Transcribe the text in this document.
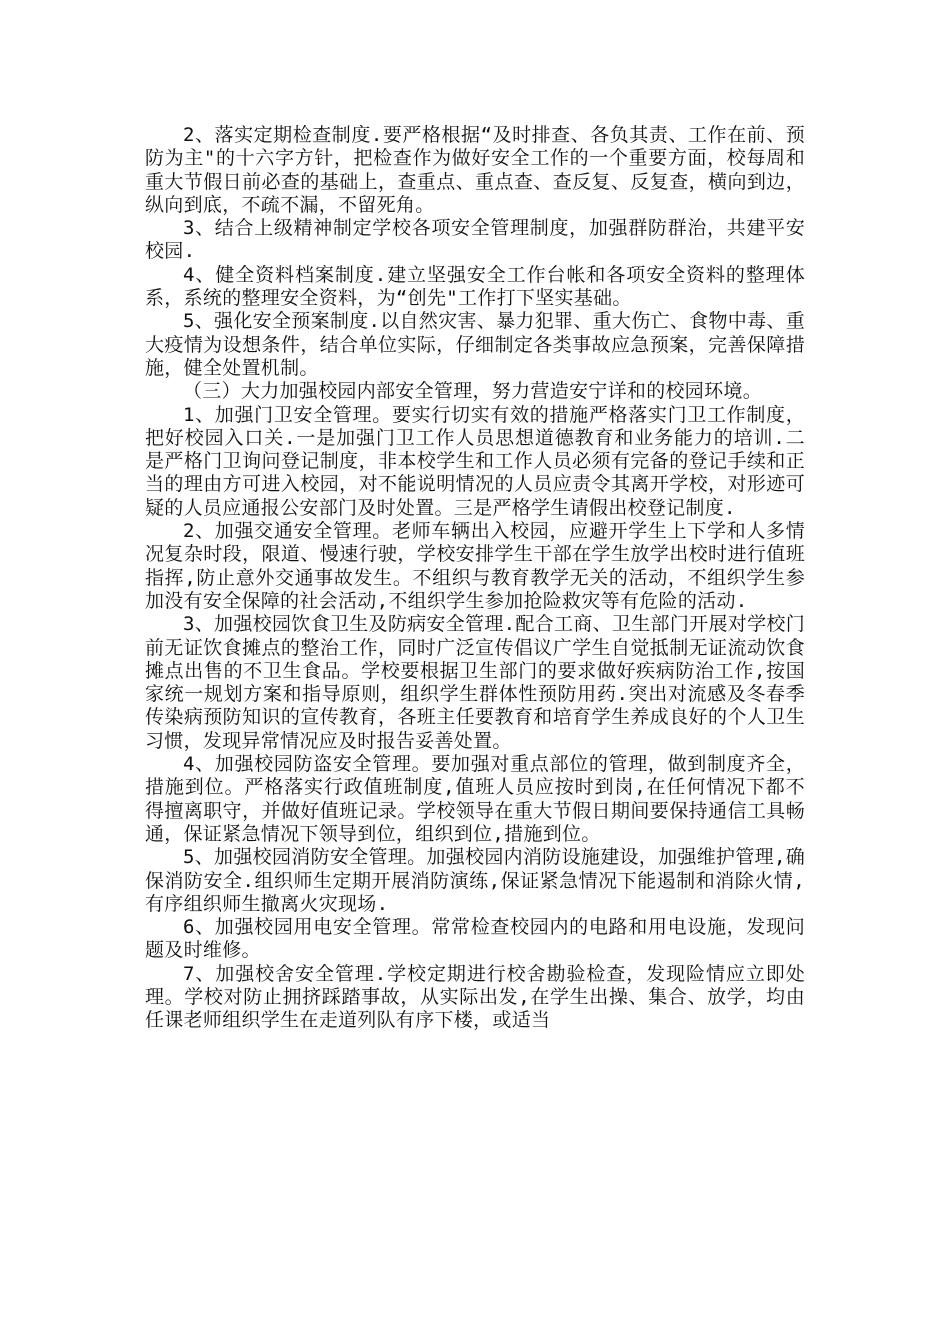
2、落实定期检查制度.要严格根据“及时排查、各负其责、工作在前、预防为主"的十六字方针，把检查作为做好安全工作的一个重要方面，校每周和重大节假日前必查的基础上，查重点、重点查、查反复、反复查，横向到边，纵向到底，不疏不漏，不留死角。

3、结合上级精神制定学校各项安全管理制度，加强群防群治，共建平安校园.

4、健全资料档案制度.建立坚强安全工作台帐和各项安全资料的整理体系，系统的整理安全资料，为“创先"工作打下坚实基础。

5、强化安全预案制度.以自然灾害、暴力犯罪、重大伤亡、食物中毒、重大疫情为设想条件，结合单位实际，仔细制定各类事故应急预案，完善保障措施，健全处置机制。

（三）大力加强校园内部安全管理，努力营造安宁详和的校园环境。

1、加强门卫安全管理。要实行切实有效的措施严格落实门卫工作制度，把好校园入口关.一是加强门卫工作人员思想道德教育和业务能力的培训.二是严格门卫询问登记制度，非本校学生和工作人员必须有完备的登记手续和正当的理由方可进入校园，对不能说明情况的人员应责令其离开学校，对形迹可疑的人员应通报公安部门及时处置。三是严格学生请假出校登记制度.

2、加强交通安全管理。老师车辆出入校园，应避开学生上下学和人多情况复杂时段，限道、慢速行驶，学校安排学生干部在学生放学出校时进行值班指挥,防止意外交通事故发生。不组织与教育教学无关的活动，不组织学生参加没有安全保障的社会活动,不组织学生参加抢险救灾等有危险的活动.

3、加强校园饮食卫生及防病安全管理.配合工商、卫生部门开展对学校门前无证饮食摊点的整治工作，同时广泛宣传倡议广学生自觉抵制无证流动饮食摊点出售的不卫生食品。学校要根据卫生部门的要求做好疾病防治工作,按国家统一规划方案和指导原则，组织学生群体性预防用药.突出对流感及冬春季传染病预防知识的宣传教育，各班主任要教育和培育学生养成良好的个人卫生习惯，发现异常情况应及时报告妥善处置。

4、加强校园防盗安全管理。要加强对重点部位的管理，做到制度齐全，措施到位。严格落实行政值班制度,值班人员应按时到岗,在任何情况下都不得擅离职守，并做好值班记录。学校领导在重大节假日期间要保持通信工具畅通，保证紧急情况下领导到位，组织到位,措施到位。

5、加强校园消防安全管理。加强校园内消防设施建设，加强维护管理,确保消防安全.组织师生定期开展消防演练,保证紧急情况下能遏制和消除火情,有序组织师生撤离火灾现场.

6、加强校园用电安全管理。常常检查校园内的电路和用电设施，发现问题及时维修。

7、加强校舍安全管理.学校定期进行校舍勘验检查，发现险情应立即处理。学校对防止拥挤踩踏事故，从实际出发,在学生出操、集合、放学，均由任课老师组织学生在走道列队有序下楼，或适当
